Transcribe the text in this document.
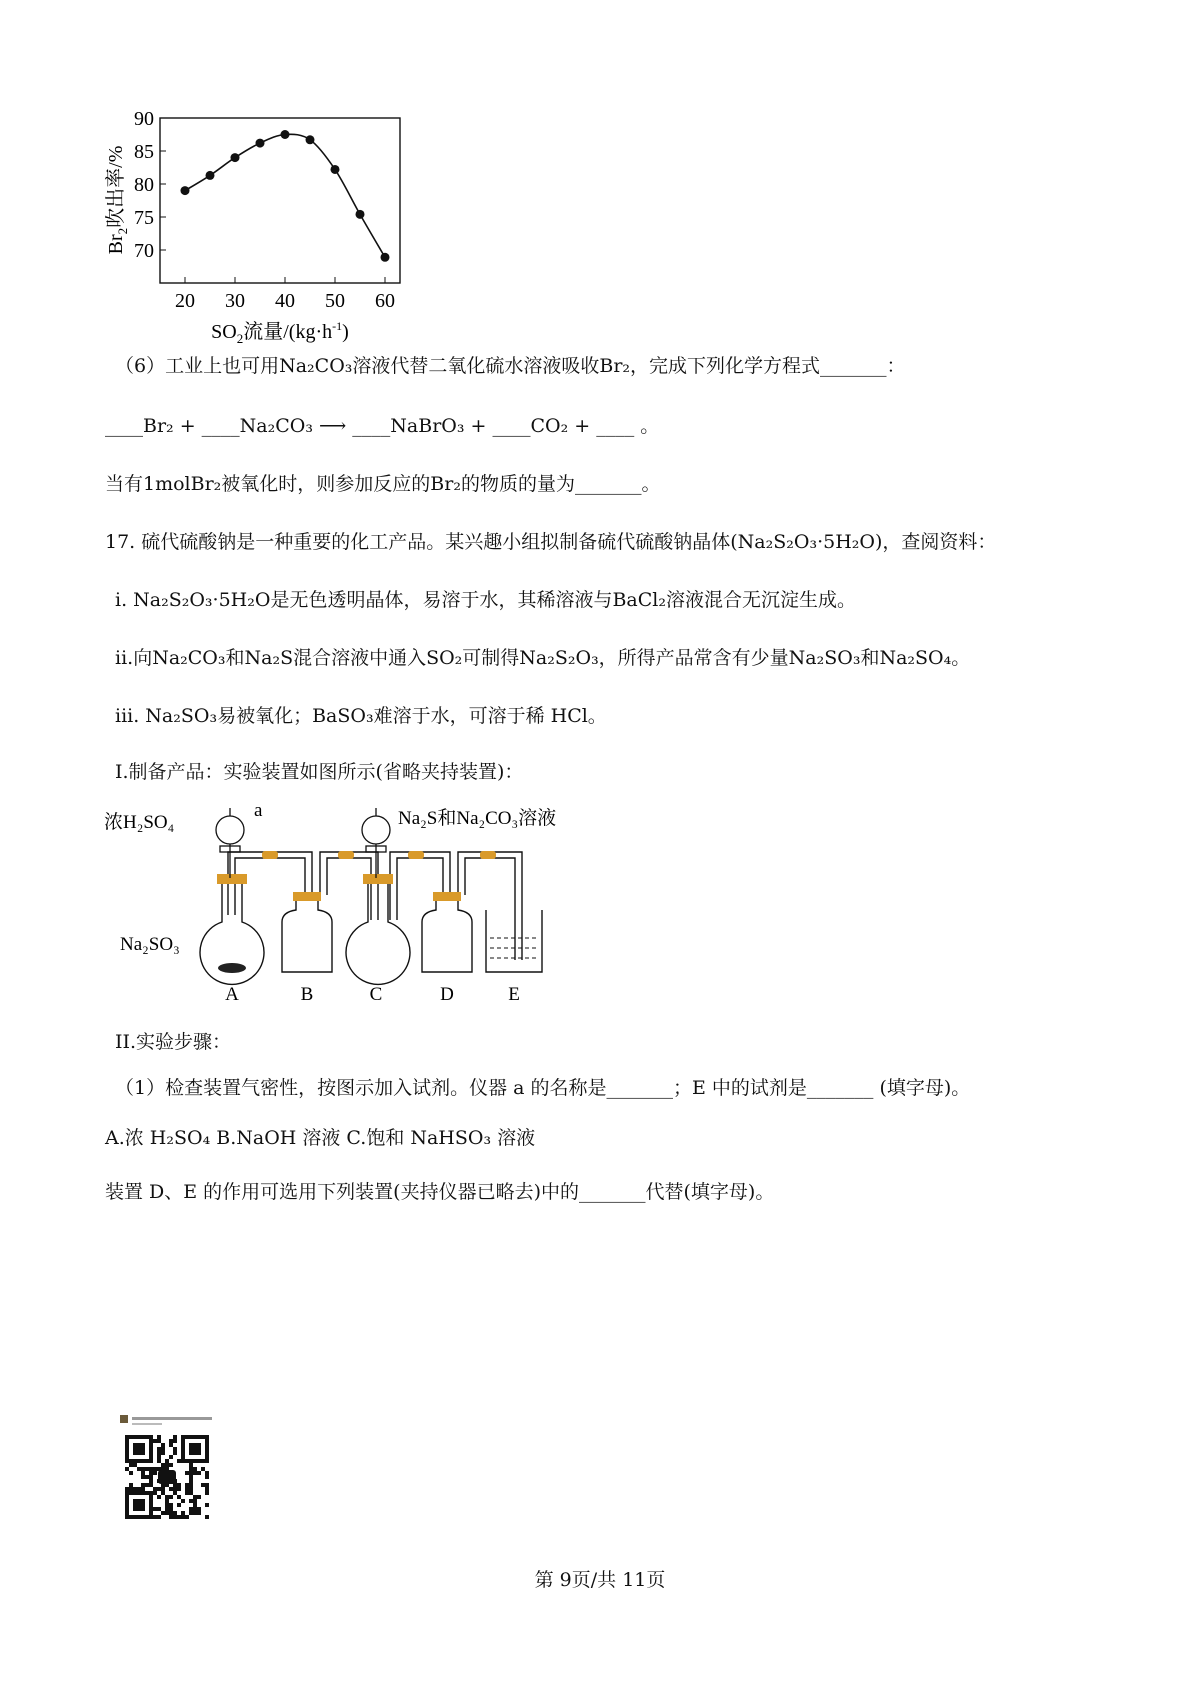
90
85
80
75
70
20 30 40 50 60
$Br_2$吹出率/%
$SO_2$流量$/(kg\cdot h^{-1})$
（6）工业上也可用Na₂CO₃溶液代替二氧化硫水溶液吸收Br₂，完成下列化学方程式_______：
____Br₂ + ____Na₂CO₃ ⟶ ____NaBrO₃ + ____CO₂ + ____ 。
当有1molBr₂被氧化时，则参加反应的Br₂的物质的量为_______。
17. 硫代硫酸钠是一种重要的化工产品。某兴趣小组拟制备硫代硫酸钠晶体(Na₂S₂O₃·5H₂O)，查阅资料：
i. Na₂S₂O₃·5H₂O是无色透明晶体，易溶于水，其稀溶液与BaCl₂溶液混合无沉淀生成。
ii.向Na₂CO₃和Na₂S混合溶液中通入SO₂可制得Na₂S₂O₃，所得产品常含有少量Na₂SO₃和Na₂SO₄。
iii. Na₂SO₃易被氧化；BaSO₃难溶于水，可溶于稀 HCl。
I.制备产品：实验装置如图所示(省略夹持装置)：
浓H₂SO₄
a
Na₂SO₃
Na₂S和Na₂CO₃溶液
A	B	C	D	E
II.实验步骤：
（1）检查装置气密性，按图示加入试剂。仪器 a 的名称是_______；E 中的试剂是_______ (填字母)。
A.浓 H₂SO₄ B.NaOH 溶液 C.饱和 NaHSO₃ 溶液
装置 D、E 的作用可选用下列装置(夹持仪器已略去)中的_______代替(填字母)。
第 9页/共 11页
